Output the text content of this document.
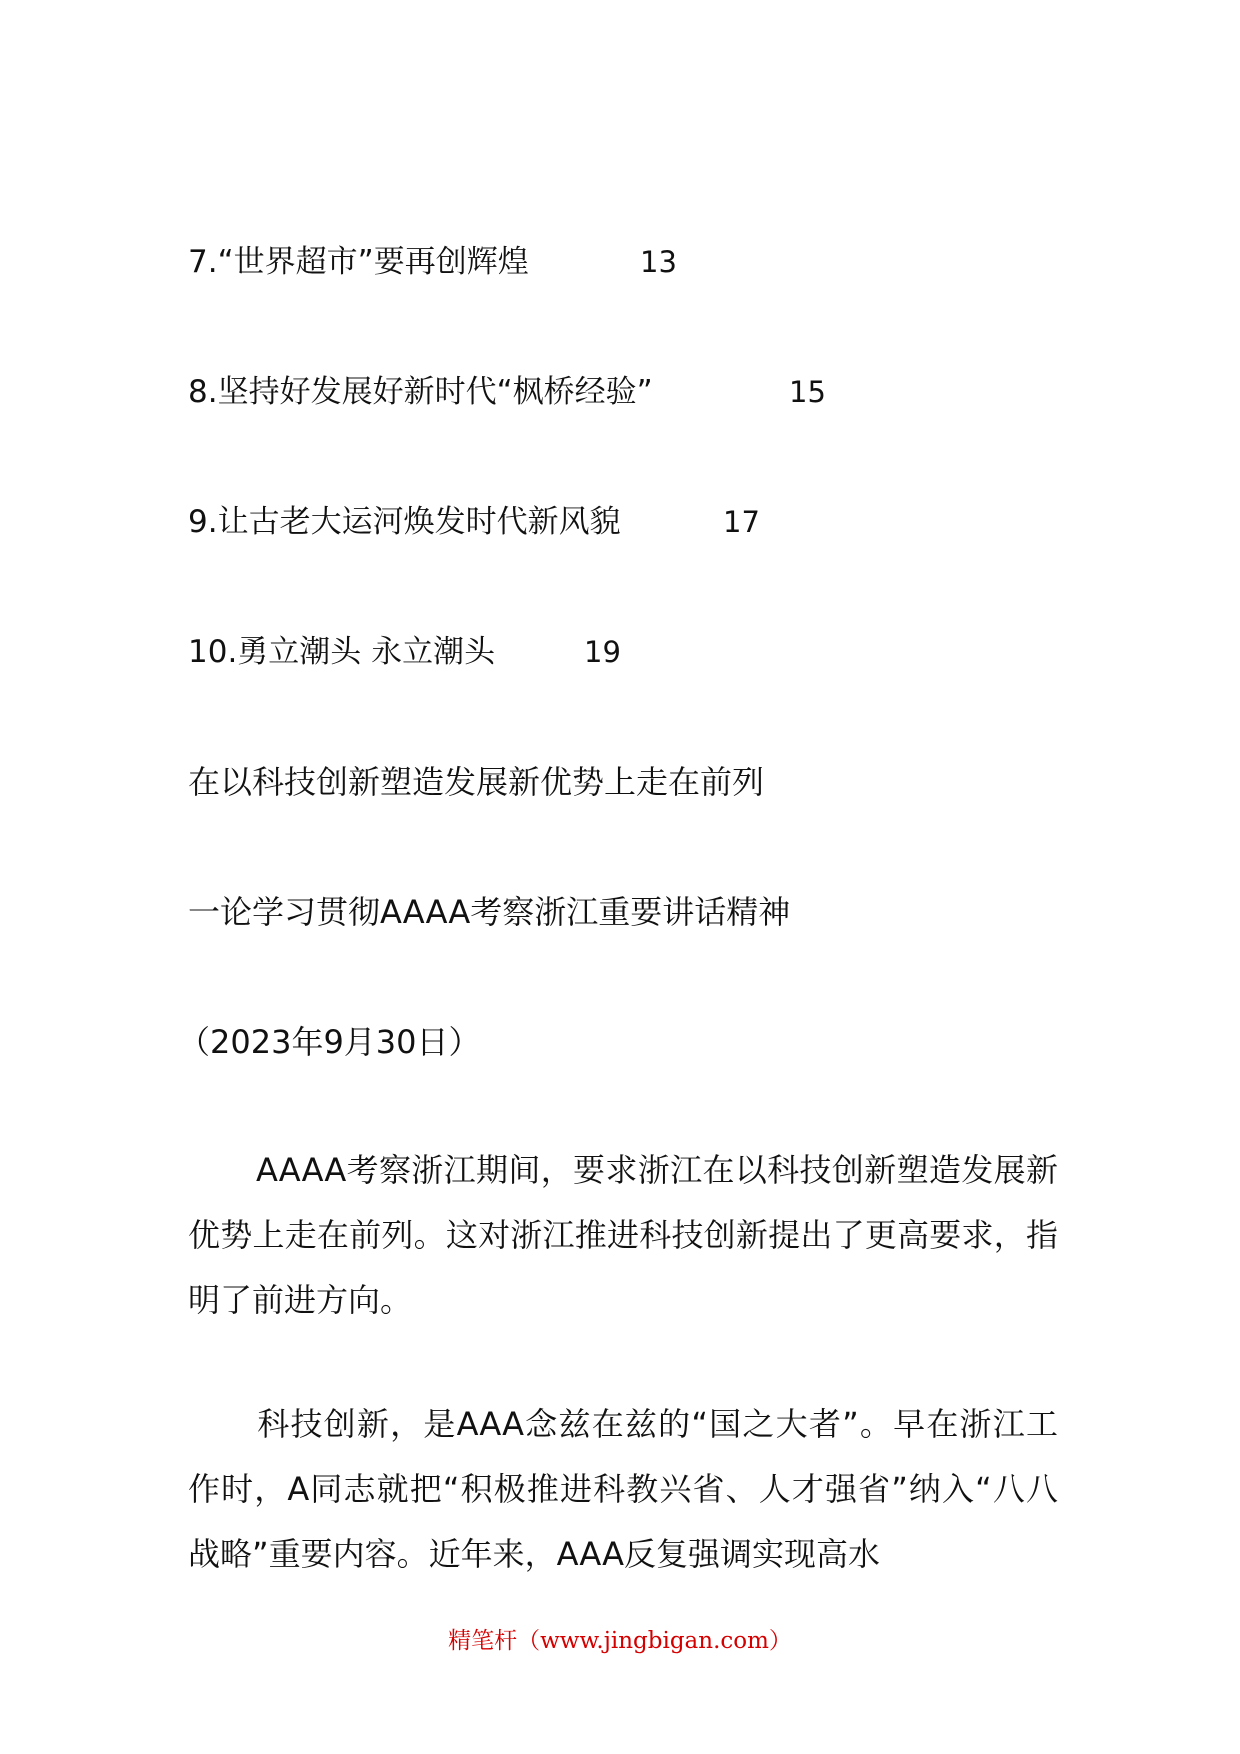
7.“世界超市”要再创辉煌	13
8.坚持好发展好新时代“枫桥经验”	15
9.让古老大运河焕发时代新风貌	17
10.勇立潮头 永立潮头	19
在以科技创新塑造发展新优势上走在前列
一论学习贯彻AAAA考察浙江重要讲话精神
（2023年9月30日）

AAAA考察浙江期间，要求浙江在以科技创新塑造发展新优势上走在前列。这对浙江推进科技创新提出了更高要求，指明了前进方向。

科技创新，是AAA念兹在兹的“国之大者”。早在浙江工作时，A同志就把“积极推进科教兴省、人才强省”纳入“八八战略”重要内容。近年来，AAA反复强调实现高水

精笔杆（www.jingbigan.com）
